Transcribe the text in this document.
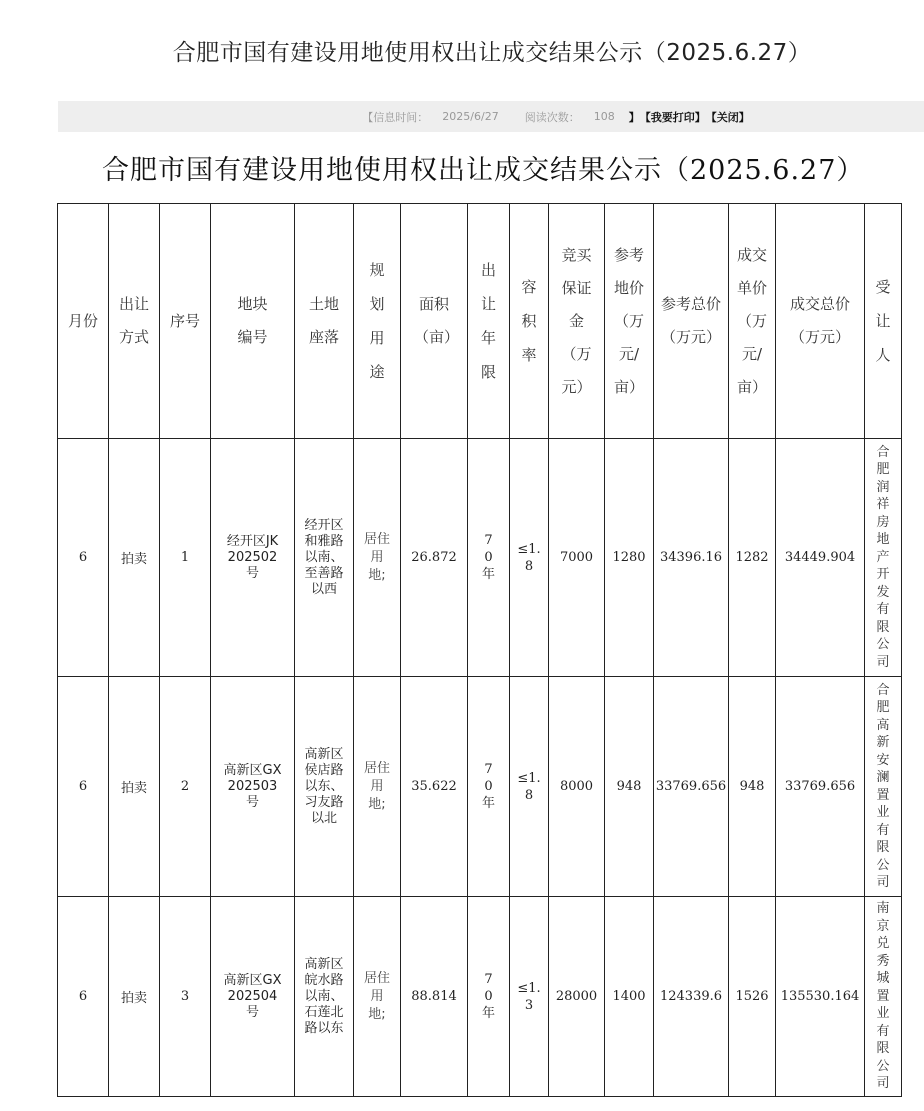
合肥市国有建设用地使用权出让成交结果公示（2025.6.27）
【信息时间： 2025/6/27 阅读次数： 108 】 【我要打印】 【关闭】
合肥市国有建设用地使用权出让成交结果公示（2025.6.27）
月份	出让方式	序号	地块编号	土地座落	规划用途	面积（亩）	出让年限	容积率	竞买保证金（万元）	参考地价（万元/亩）	参考总价（万元）	成交单价（万元/亩）	成交总价（万元）	受让人

6	拍卖	1	经开区JK202502号	经开区和雅路以南、至善路以西	居住用地;	26.872	70年	≤1.8	7000	1280	34396.16	1282	34449.904	合肥润祥房地产开发有限公司

6	拍卖	2	高新区GX202503号	高新区侯店路以东、习友路以北	居住用地;	35.622	70年	≤1.8	8000	948	33769.656	948	33769.656	合肥高新安澜置业有限公司

6	拍卖	3	高新区GX202504号	高新区皖水路以南、石莲北路以东	居住用地;	88.814	70年	≤1.3	28000	1400	124339.6	1526	135530.164	南京兑秀城置业有限公司
